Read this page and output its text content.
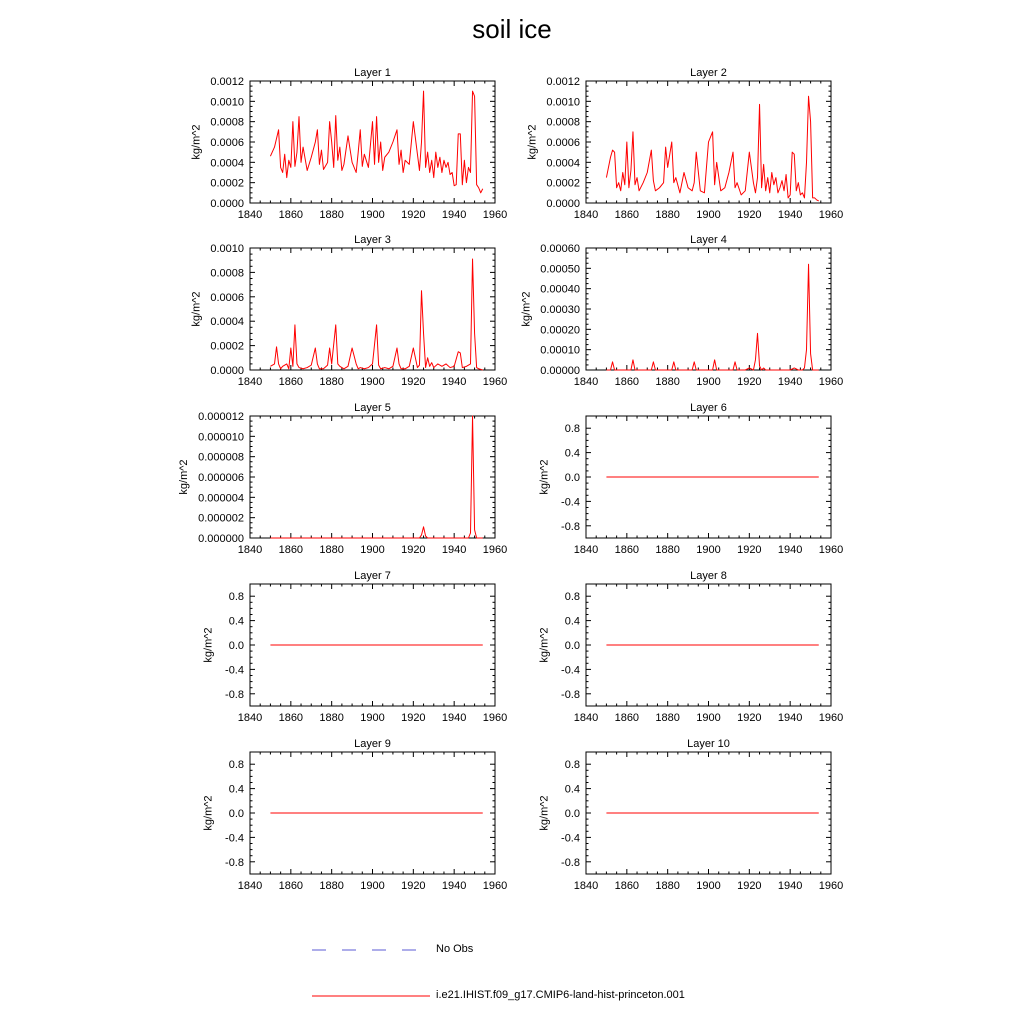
soil ice
Layer 1
1840 1860 1880 1900 1920 1940 1960
0.0000
0.0002
0.0004
0.0006
0.0008
0.0010
0.0012
kg/m^2
Layer 2
1840 1860 1880 1900 1920 1940 1960
0.0000
0.0002
0.0004
0.0006
0.0008
0.0010
0.0012
kg/m^2
Layer 3
1840 1860 1880 1900 1920 1940 1960
0.0000
0.0002
0.0004
0.0006
0.0008
0.0010
kg/m^2
Layer 4
1840 1860 1880 1900 1920 1940 1960
0.00000
0.00010
0.00020
0.00030
0.00040
0.00050
0.00060
kg/m^2
Layer 5
1840 1860 1880 1900 1920 1940 1960
0.000000
0.000002
0.000004
0.000006
0.000008
0.000010
0.000012
kg/m^2
Layer 6
1840 1860 1880 1900 1920 1940 1960
-0.8
-0.4
0.0
0.4
0.8
kg/m^2
Layer 7
1840 1860 1880 1900 1920 1940 1960
-0.8
-0.4
0.0
0.4
0.8
kg/m^2
Layer 8
1840 1860 1880 1900 1920 1940 1960
-0.8
-0.4
0.0
0.4
0.8
kg/m^2
Layer 9
1840 1860 1880 1900 1920 1940 1960
-0.8
-0.4
0.0
0.4
0.8
kg/m^2
Layer 10
1840 1860 1880 1900 1920 1940 1960
-0.8
-0.4
0.0
0.4
0.8
kg/m^2
No Obs
i.e21.IHIST.f09_g17.CMIP6-land-hist-princeton.001
